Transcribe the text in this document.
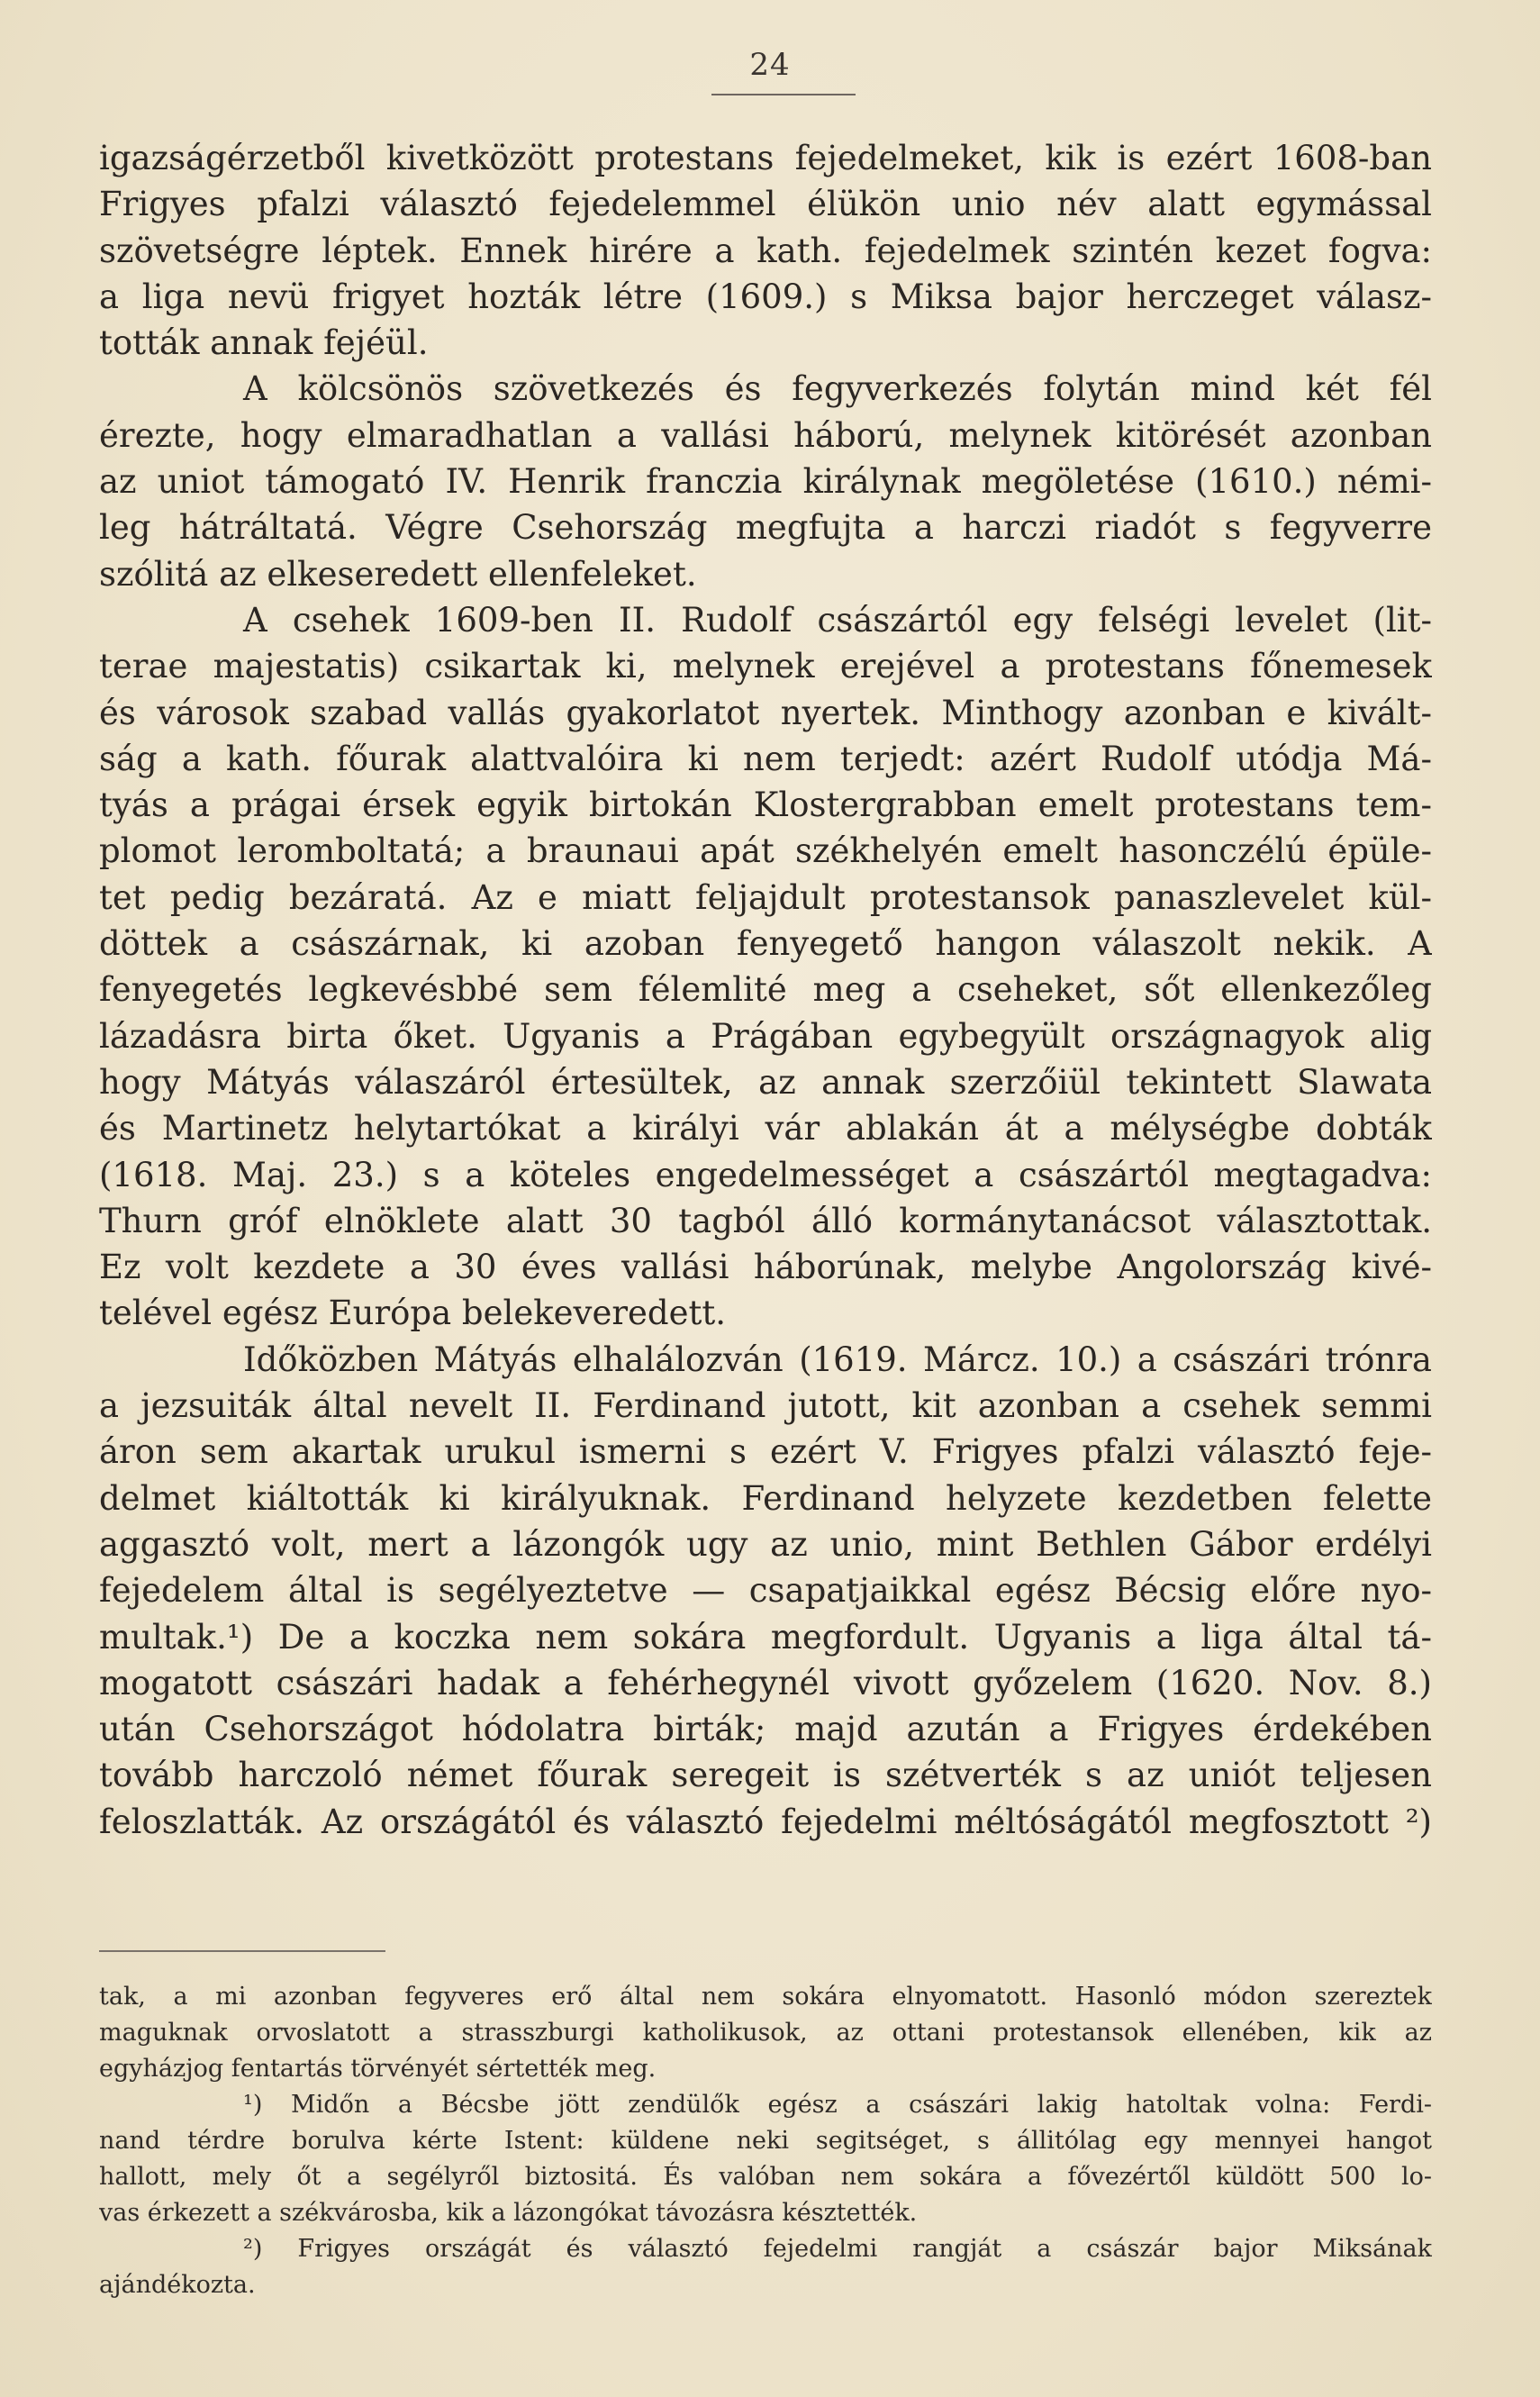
24
igazságérzetből kivetközött protestans fejedelmeket, kik is ezért 1608-ban
Frigyes pfalzi választó fejedelemmel élükön unio név alatt egymással
szövetségre léptek. Ennek hirére a kath. fejedelmek szintén kezet fogva:
a liga nevü frigyet hozták létre (1609.) s Miksa bajor herczeget válasz-
tották annak fejéül.
A kölcsönös szövetkezés és fegyverkezés folytán mind két fél
érezte, hogy elmaradhatlan a vallási háború, melynek kitörését azonban
az uniot támogató IV. Henrik franczia királynak megöletése (1610.) némi-
leg hátráltatá. Végre Csehország megfujta a harczi riadót s fegyverre
szólitá az elkeseredett ellenfeleket.
A csehek 1609-ben II. Rudolf császártól egy felségi levelet (lit-
terae majestatis) csikartak ki, melynek erejével a protestans főnemesek
és városok szabad vallás gyakorlatot nyertek. Minthogy azonban e kivált-
ság a kath. főurak alattvalóira ki nem terjedt: azért Rudolf utódja Má-
tyás a prágai érsek egyik birtokán Klostergrabban emelt protestans tem-
plomot leromboltatá; a braunaui apát székhelyén emelt hasonczélú épüle-
tet pedig bezáratá. Az e miatt feljajdult protestansok panaszlevelet kül-
döttek a császárnak, ki azoban fenyegető hangon válaszolt nekik. A
fenyegetés legkevésbbé sem félemlité meg a cseheket, sőt ellenkezőleg
lázadásra birta őket. Ugyanis a Prágában egybegyült országnagyok alig
hogy Mátyás válaszáról értesültek, az annak szerzőiül tekintett Slawata
és Martinetz helytartókat a királyi vár ablakán át a mélységbe dobták
(1618. Maj. 23.) s a köteles engedelmességet a császártól megtagadva:
Thurn gróf elnöklete alatt 30 tagból álló kormánytanácsot választottak.
Ez volt kezdete a 30 éves vallási háborúnak, melybe Angolország kivé-
telével egész Európa belekeveredett.
Időközben Mátyás elhalálozván (1619. Márcz. 10.) a császári trónra
a jezsuiták által nevelt II. Ferdinand jutott, kit azonban a csehek semmi
áron sem akartak urukul ismerni s ezért V. Frigyes pfalzi választó feje-
delmet kiáltották ki királyuknak. Ferdinand helyzete kezdetben felette
aggasztó volt, mert a lázongók ugy az unio, mint Bethlen Gábor erdélyi
fejedelem által is segélyeztetve — csapatjaikkal egész Bécsig előre nyo-
multak.¹) De a koczka nem sokára megfordult. Ugyanis a liga által tá-
mogatott császári hadak a fehérhegynél vivott győzelem (1620. Nov. 8.)
után Csehországot hódolatra birták; majd azután a Frigyes érdekében
tovább harczoló német főurak seregeit is szétverték s az uniót teljesen
feloszlatták. Az országától és választó fejedelmi méltóságától megfosztott ²)
tak, a mi azonban fegyveres erő által nem sokára elnyomatott. Hasonló módon szereztek
maguknak orvoslatott a strasszburgi katholikusok, az ottani protestansok ellenében, kik az
egyházjog fentartás törvényét sértették meg.
¹) Midőn a Bécsbe jött zendülők egész a császári lakig hatoltak volna: Ferdi-
nand térdre borulva kérte Istent: küldene neki segitséget, s állitólag egy mennyei hangot
hallott, mely őt a segélyről biztositá. És valóban nem sokára a fővezértől küldött 500 lo-
vas érkezett a székvárosba, kik a lázongókat távozásra késztették.
²) Frigyes országát és választó fejedelmi rangját a császár bajor Miksának
ajándékozta.
